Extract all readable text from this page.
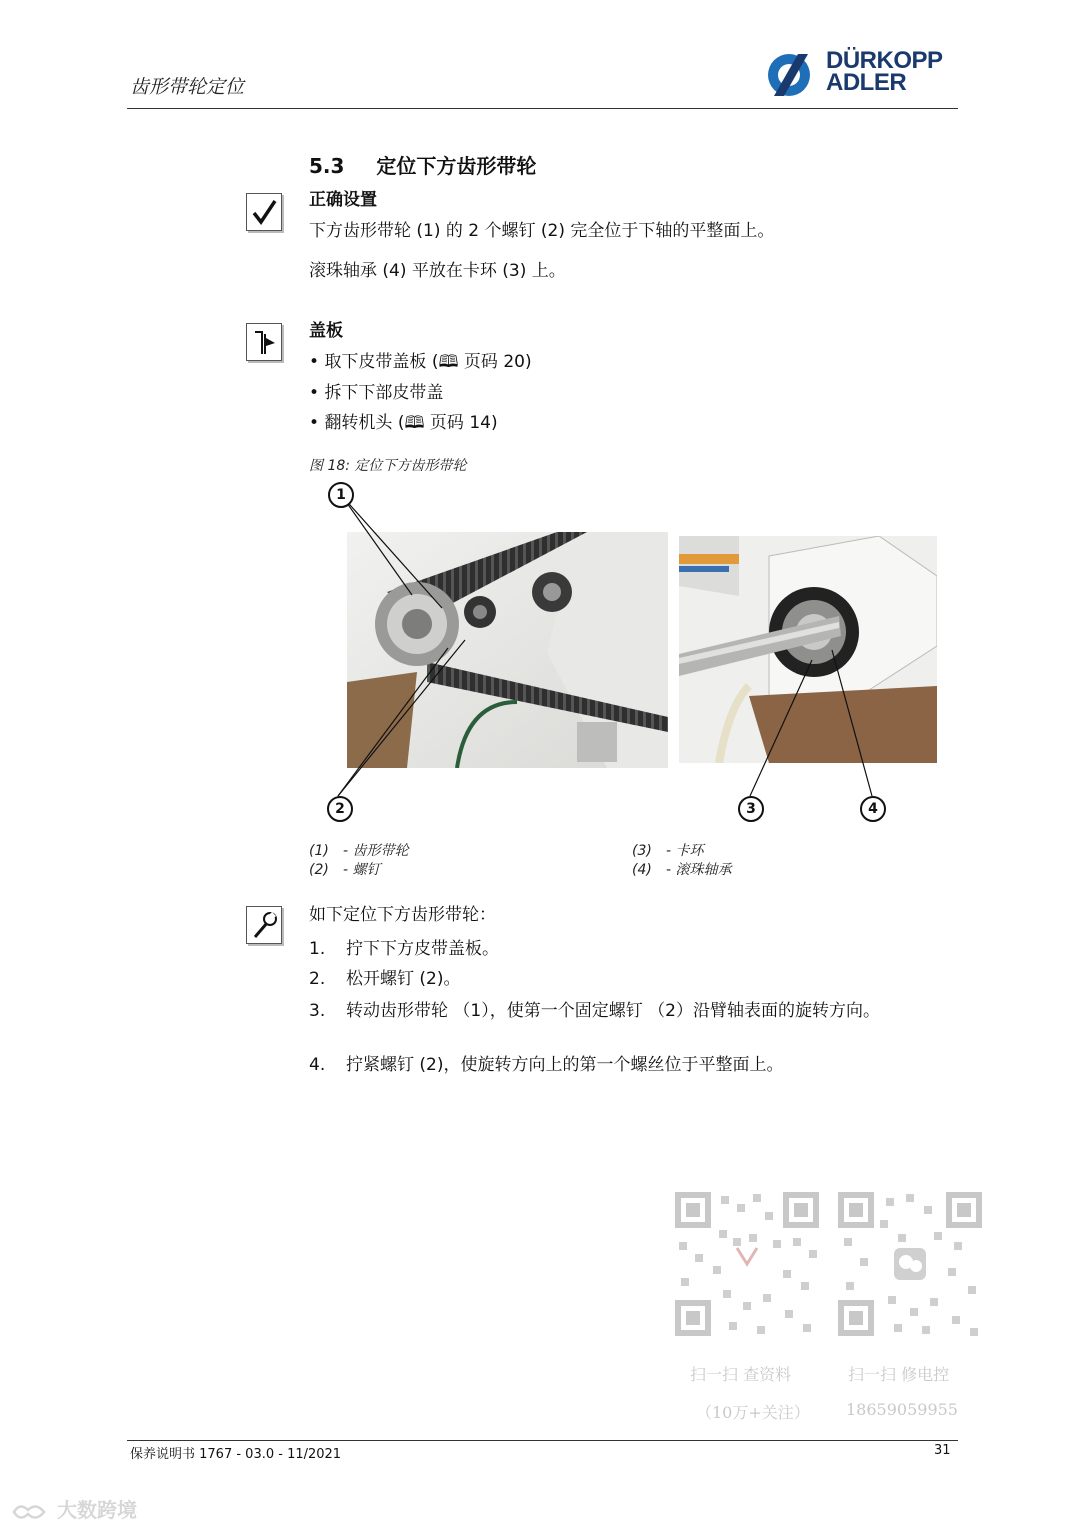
齿形带轮定位
DÜRKOPP
ADLER
5.3 定位下方齿形带轮
正确设置
下方齿形带轮 (1) 的 2 个螺钉 (2) 完全位于下轴的平整面上。
滚珠轴承 (4) 平放在卡环 (3) 上。
盖板
• 取下皮带盖板 (🕮 页码 20)
• 拆下下部皮带盖
• 翻转机头 (🕮 页码 14)
图 18: 定位下方齿形带轮
1
2	3	4
(1) - 齿形带轮
(2) - 螺钉
(3) - 卡环
(4) - 滚珠轴承
如下定位下方齿形带轮：
1. 拧下下方皮带盖板。
2. 松开螺钉 (2)。
3. 转动齿形带轮 （1），使第一个固定螺钉 （2）沿臂轴表面的旋转方向。
4. 拧紧螺钉 (2)，使旋转方向上的第一个螺丝位于平整面上。
扫一扫 查资料
（10万+关注）
扫一扫 修电控
18659059955
保养说明书 1767 - 03.0 - 11/2021	31
大数跨境
